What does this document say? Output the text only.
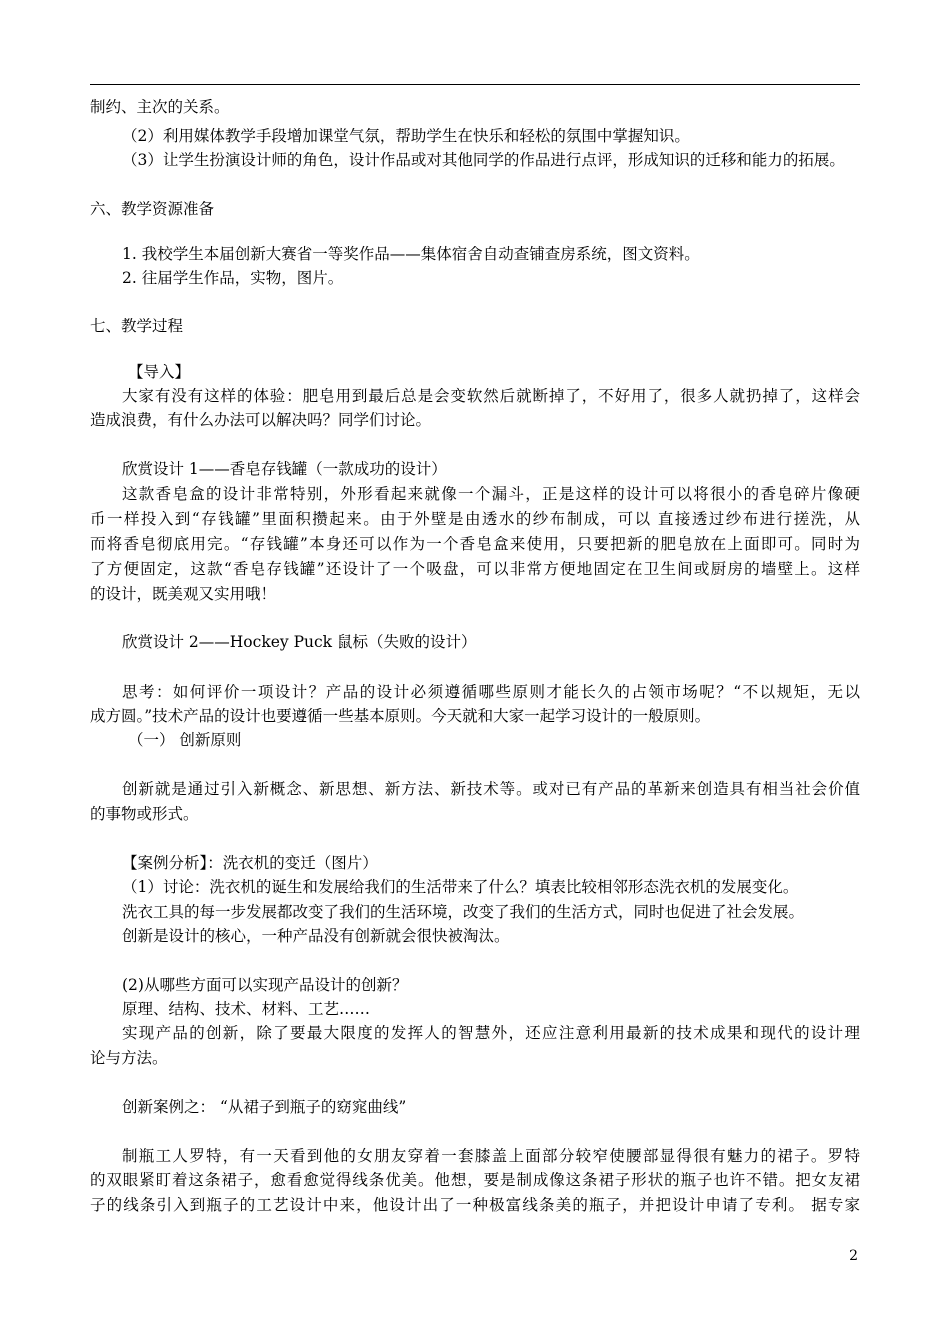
制约、主次的关系。
（2）利用媒体教学手段增加课堂气氛，帮助学生在快乐和轻松的氛围中掌握知识。
（3）让学生扮演设计师的角色，设计作品或对其他同学的作品进行点评，形成知识的迁移和能力的拓展。
六、教学资源准备
1. 我校学生本届创新大赛省一等奖作品——集体宿舍自动查铺查房系统，图文资料。
2. 往届学生作品，实物，图片。
七、教学过程
【导入】
大家有没有这样的体验：肥皂用到最后总是会变软然后就断掉了，不好用了，很多人就扔掉了，这样会
造成浪费，有什么办法可以解决吗？同学们讨论。
欣赏设计 1——香皂存钱罐（一款成功的设计）
这款香皂盒的设计非常特别，外形看起来就像一个漏斗，正是这样的设计可以将很小的香皂碎片像硬
币一样投入到“存钱罐”里面积攒起来。由于外壁是由透水的纱布制成，可以 直接透过纱布进行搓洗，从
而将香皂彻底用完。“存钱罐”本身还可以作为一个香皂盒来使用，只要把新的肥皂放在上面即可。同时为
了方便固定，这款“香皂存钱罐”还设计了一个吸盘，可以非常方便地固定在卫生间或厨房的墙壁上。这样
的设计，既美观又实用哦！
欣赏设计 2——Hockey Puck 鼠标（失败的设计）
思考：如何评价一项设计？产品的设计必须遵循哪些原则才能长久的占领市场呢？“不以规矩，无以
成方圆。”技术产品的设计也要遵循一些基本原则。今天就和大家一起学习设计的一般原则。
（一） 创新原则
创新就是通过引入新概念、新思想、新方法、新技术等。或对已有产品的革新来创造具有相当社会价值
的事物或形式。
【案例分析】：洗衣机的变迁（图片）
（1）讨论：洗衣机的诞生和发展给我们的生活带来了什么？填表比较相邻形态洗衣机的发展变化。
洗衣工具的每一步发展都改变了我们的生活环境，改变了我们的生活方式，同时也促进了社会发展。
创新是设计的核心，一种产品没有创新就会很快被淘汰。
(2)从哪些方面可以实现产品设计的创新？
原理、结构、技术、材料、工艺……
实现产品的创新，除了要最大限度的发挥人的智慧外，还应注意利用最新的技术成果和现代的设计理
论与方法。
创新案例之： “从裙子到瓶子的窈窕曲线”
制瓶工人罗特，有一天看到他的女朋友穿着一套膝盖上面部分较窄使腰部显得很有魅力的裙子。罗特
的双眼紧盯着这条裙子，愈看愈觉得线条优美。他想，要是制成像这条裙子形状的瓶子也许不错。把女友裙
子的线条引入到瓶子的工艺设计中来，他设计出了一种极富线条美的瓶子，并把设计申请了专利。 据专家
2
